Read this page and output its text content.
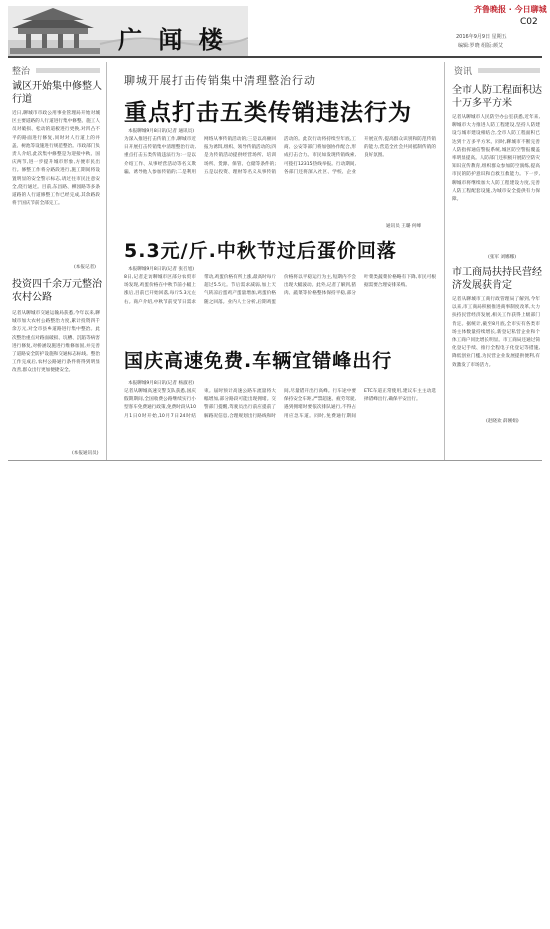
广 闻 楼
齐鲁晚报 · 今日聊城
C02
2016年9月9日 星期五
编辑:罗晓 组版:颜艾
整治
诚区开始集中修整人行道
近日,聊城市市政公用事业管理局开始对城区主要道路的人行道进行集中修整。施工人员对破损、松动的道板进行更换,对凹凸不平的路面进行修复,同时对人行道上的井盖、树池等设施进行规范整治。市政部门负责人介绍,此次集中修整是为迎接中秋、国庆两节,进一步提升城市形象,方便市民出行。修整工作将分路段进行,施工期间将设置明显的安全警示标志,请过往市民注意安全,绕行通过。目前,东昌路、柳园路等多条道路的人行道修整工作已经完成,其余路段将于国庆节前全部完工。
(本报记者)
投资四千余万元整治农村公路
记者从聊城市交通运输局获悉,今年以来,聊城市加大农村公路整治力度,累计投资四千余万元,对全市县乡道路进行集中整治。此次整治重点对路面破损、坑槽、沉陷等病害进行修复,对桥涵设施进行维修加固,并完善了道路安全防护设施和交通标志标线。整治工作完成后,农村公路通行条件将得到明显改善,群众出行更加便捷安全。
(本报通讯员)
聊城开展打击传销集中清理整治行动
重点打击五类传销违法行为
本报聊城9月8日讯(记者 通讯员)
为深入推进打击传销工作,聊城市近日开展打击传销集中清理整治行动,重点打击五类传销违法行为:一是以介绍工作、从事经营活动等名义欺骗、诱导他人参加传销的;二是利用网络从事传销活动的;三是以高额回报为诱饵,组织、领导传销活动的;四是为传销活动提供经营场所、培训场所、货源、保管、仓储等条件的;五是以投资、理财等名义从事传销活动的。此次行动将持续至年底,工商、公安等部门将加强协作配合,形成打击合力。市民如发现传销线索,可拨打12315热线举报。行动期间,各部门还将深入社区、学校、企业开展宣传,提高群众识别和防范传销的能力,营造全社会共同抵制传销的良好氛围。
通讯员 王璐 何峰
5.3元/斤.中秋节过后蛋价回落
本报聊城9月8日讯(记者 张召旭)
8日,记者走访聊城市区部分农贸市场发现,鸡蛋价格在中秋节前小幅上涨后,目前已开始回落,每斤5.3元左右。商户介绍,中秋节前受节日需求带动,鸡蛋价格有所上涨,最高时每斤超过5.5元。节后需求减弱,加上天气转凉后蛋鸡产蛋量增加,鸡蛋价格随之回落。业内人士分析,后期鸡蛋价格将以平稳运行为主,短期内不会出现大幅波动。此外,记者了解到,猪肉、蔬菜等价格整体保持平稳,部分叶菜类蔬菜价格略有下降,市民可根据需要合理安排采购。
国庆高速免费.车辆宜错峰出行
本报聊城9月8日讯(记者 杨淑君)
记者从聊城高速交警支队获悉,国庆假期期间,全国收费公路继续实行小型客车免费通行政策,免费时段从10月1日0时开始,10月7日24时结束。届时预计高速公路车流量将大幅增加,部分路段可能出现拥堵。交警部门提醒,驾驶员出行前应提前了解路况信息,合理规划出行路线和时间,尽量错开出行高峰。行车途中要保持安全车距,严禁超速、疲劳驾驶,遇到拥堵时要依次排队通行,不得占用应急车道。同时,免费通行期间ETC车道正常使用,建议车主主动选择错峰出行,确保平安出行。
资讯
全市人防工程面积达十万多平方米
记者从聊城市人民防空办公室获悉,近年来,聊城市大力推进人防工程建设,坚持人防建设与城市建设相结合,全市人防工程面积已达到十万多平方米。同时,聊城市不断完善人防指挥通信警报系统,城区防空警报覆盖率明显提高。人防部门还积极开展防空防灾知识宣传教育,组织群众参加防空演练,提高市民的防护意识和自救互救能力。下一步,聊城市将继续加大人防工程建设力度,完善人防工程配套设施,为城市安全提供有力保障。
(张军 刘娜娜)
市工商局扶持民营经济发展获肯定
记者从聊城市工商行政管理局了解到,今年以来,市工商局积极推进商事制度改革,大力扶持民营经济发展,相关工作获得上级部门肯定。据统计,截至8月底,全市实有各类市场主体数量持续增长,新登记私营企业和个体工商户同比增长明显。市工商局还通过简化登记手续、推行全程电子化登记等措施,降低创业门槛,为民营企业发展提供便利,有效激发了市场活力。
(赵晓欢 薛刚娟)
